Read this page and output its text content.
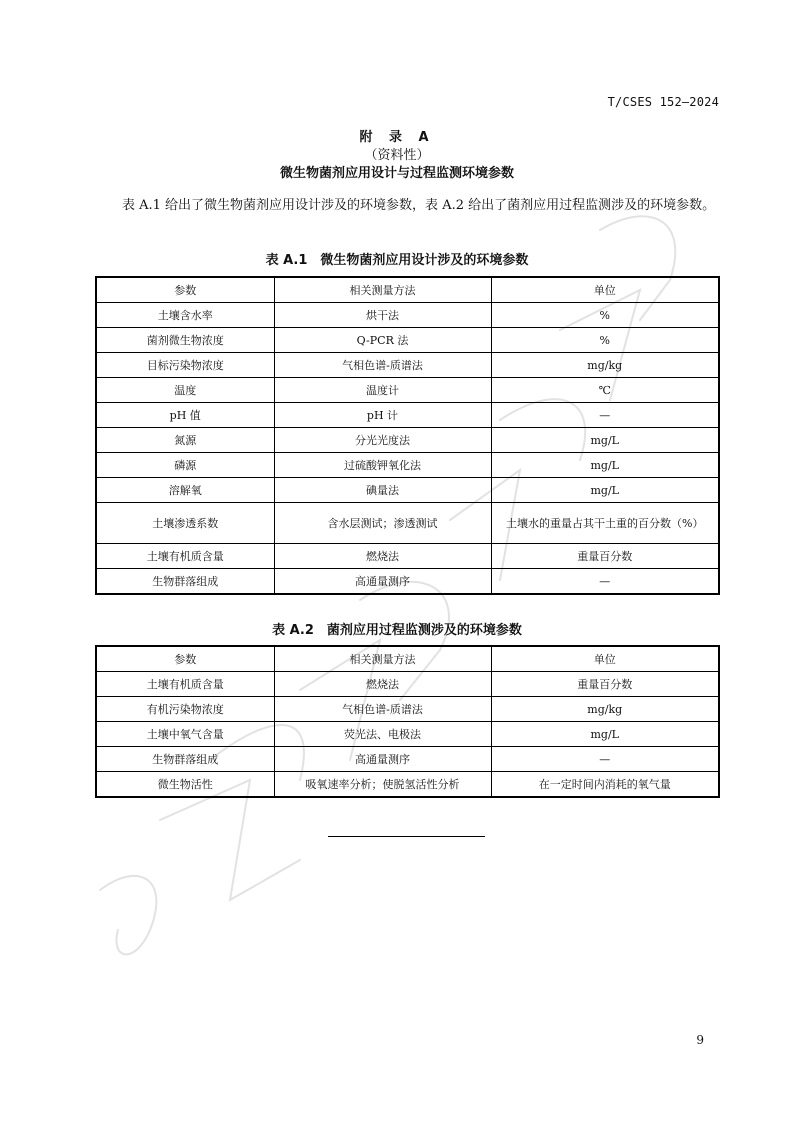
T/CSES 152—2024
附 录 A
（资料性）
微生物菌剂应用设计与过程监测环境参数

表 A.1 给出了微生物菌剂应用设计涉及的环境参数，表 A.2 给出了菌剂应用过程监测涉及的环境参数。

表 A.1　微生物菌剂应用设计涉及的环境参数
参数	相关测量方法	单位
土壤含水率	烘干法	%
菌剂微生物浓度	Q-PCR 法	%
目标污染物浓度	气相色谱-质谱法	mg/kg
温度	温度计	℃
pH 值	pH 计	—
氮源	分光光度法	mg/L
磷源	过硫酸钾氧化法	mg/L
溶解氧	碘量法	mg/L
土壤渗透系数	含水层测试；渗透测试	土壤水的重量占其干土重的百分数（%）
土壤有机质含量	燃烧法	重量百分数
生物群落组成	高通量测序	—
表 A.2　菌剂应用过程监测涉及的环境参数
参数	相关测量方法	单位
土壤有机质含量	燃烧法	重量百分数
有机污染物浓度	气相色谱-质谱法	mg/kg
土壤中氧气含量	荧光法、电极法	mg/L
生物群落组成	高通量测序	—
微生物活性	吸氧速率分析；使脱氢活性分析	在一定时间内消耗的氧气量
9
